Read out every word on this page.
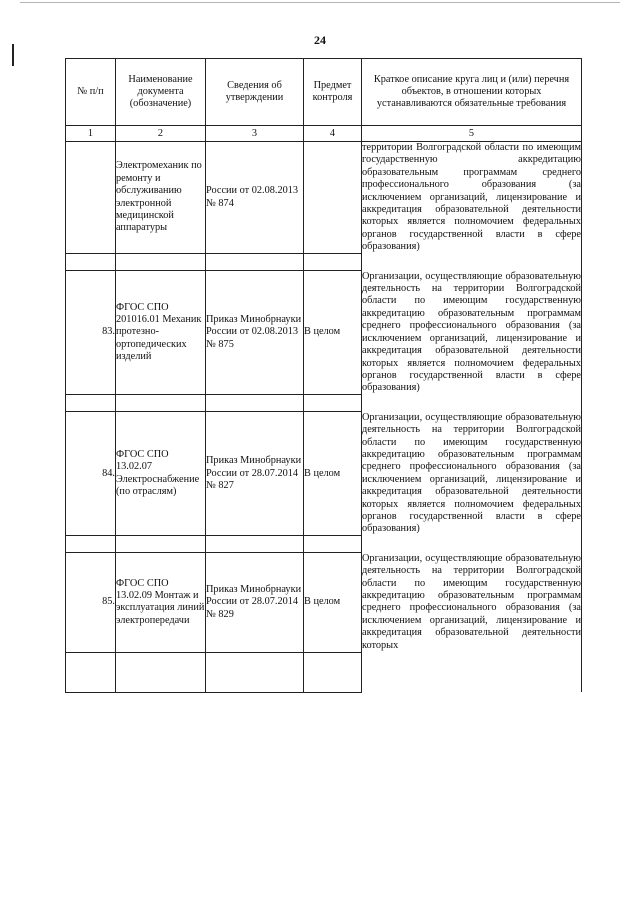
24
№ п/п	Наименование документа (обозначение)	Сведения об утверждении	Предмет контроля	Краткое описание круга лиц и (или) перечня объектов, в отношении которых устанавливаются обязательные требования
1	2	3	4	5
	Электромеханик по ремонту и обслуживанию электронной медицинской аппаратуры	России от 02.08.2013 № 874		территории Волгоградской области по имеющим государственную аккредитацию образовательным программам среднего профессионального образования (за исключением организаций, лицензирование и аккредитация образовательной деятельности которых является полномочием федеральных органов государственной власти в сфере образования)

83.	ФГОС СПО 201016.01 Механик протезно-ортопедических изделий	Приказ Минобрнауки России от 02.08.2013 № 875	В целом	Организации, осуществляющие образовательную деятельность на территории Волгоградской области по имеющим государственную аккредитацию образовательным программам среднего профессионального образования (за исключением организаций, лицензирование и аккредитация образовательной деятельности которых является полномочием федеральных органов государственной власти в сфере образования)

84.	ФГОС СПО 13.02.07 Электроснабжение (по отраслям)	Приказ Минобрнауки России от 28.07.2014 № 827	В целом	Организации, осуществляющие образовательную деятельность на территории Волгоградской области по имеющим государственную аккредитацию образовательным программам среднего профессионального образования (за исключением организаций, лицензирование и аккредитация образовательной деятельности которых является полномочием федеральных органов государственной власти в сфере образования)

85.	ФГОС СПО 13.02.09 Монтаж и эксплуатация линий электропередачи	Приказ Минобрнауки России от 28.07.2014 № 829	В целом	Организации, осуществляющие образовательную деятельность на территории Волгоградской области по имеющим государственную аккредитацию образовательным программам среднего профессионального образования (за исключением организаций, лицензирование и аккредитация образовательной деятельности которых
